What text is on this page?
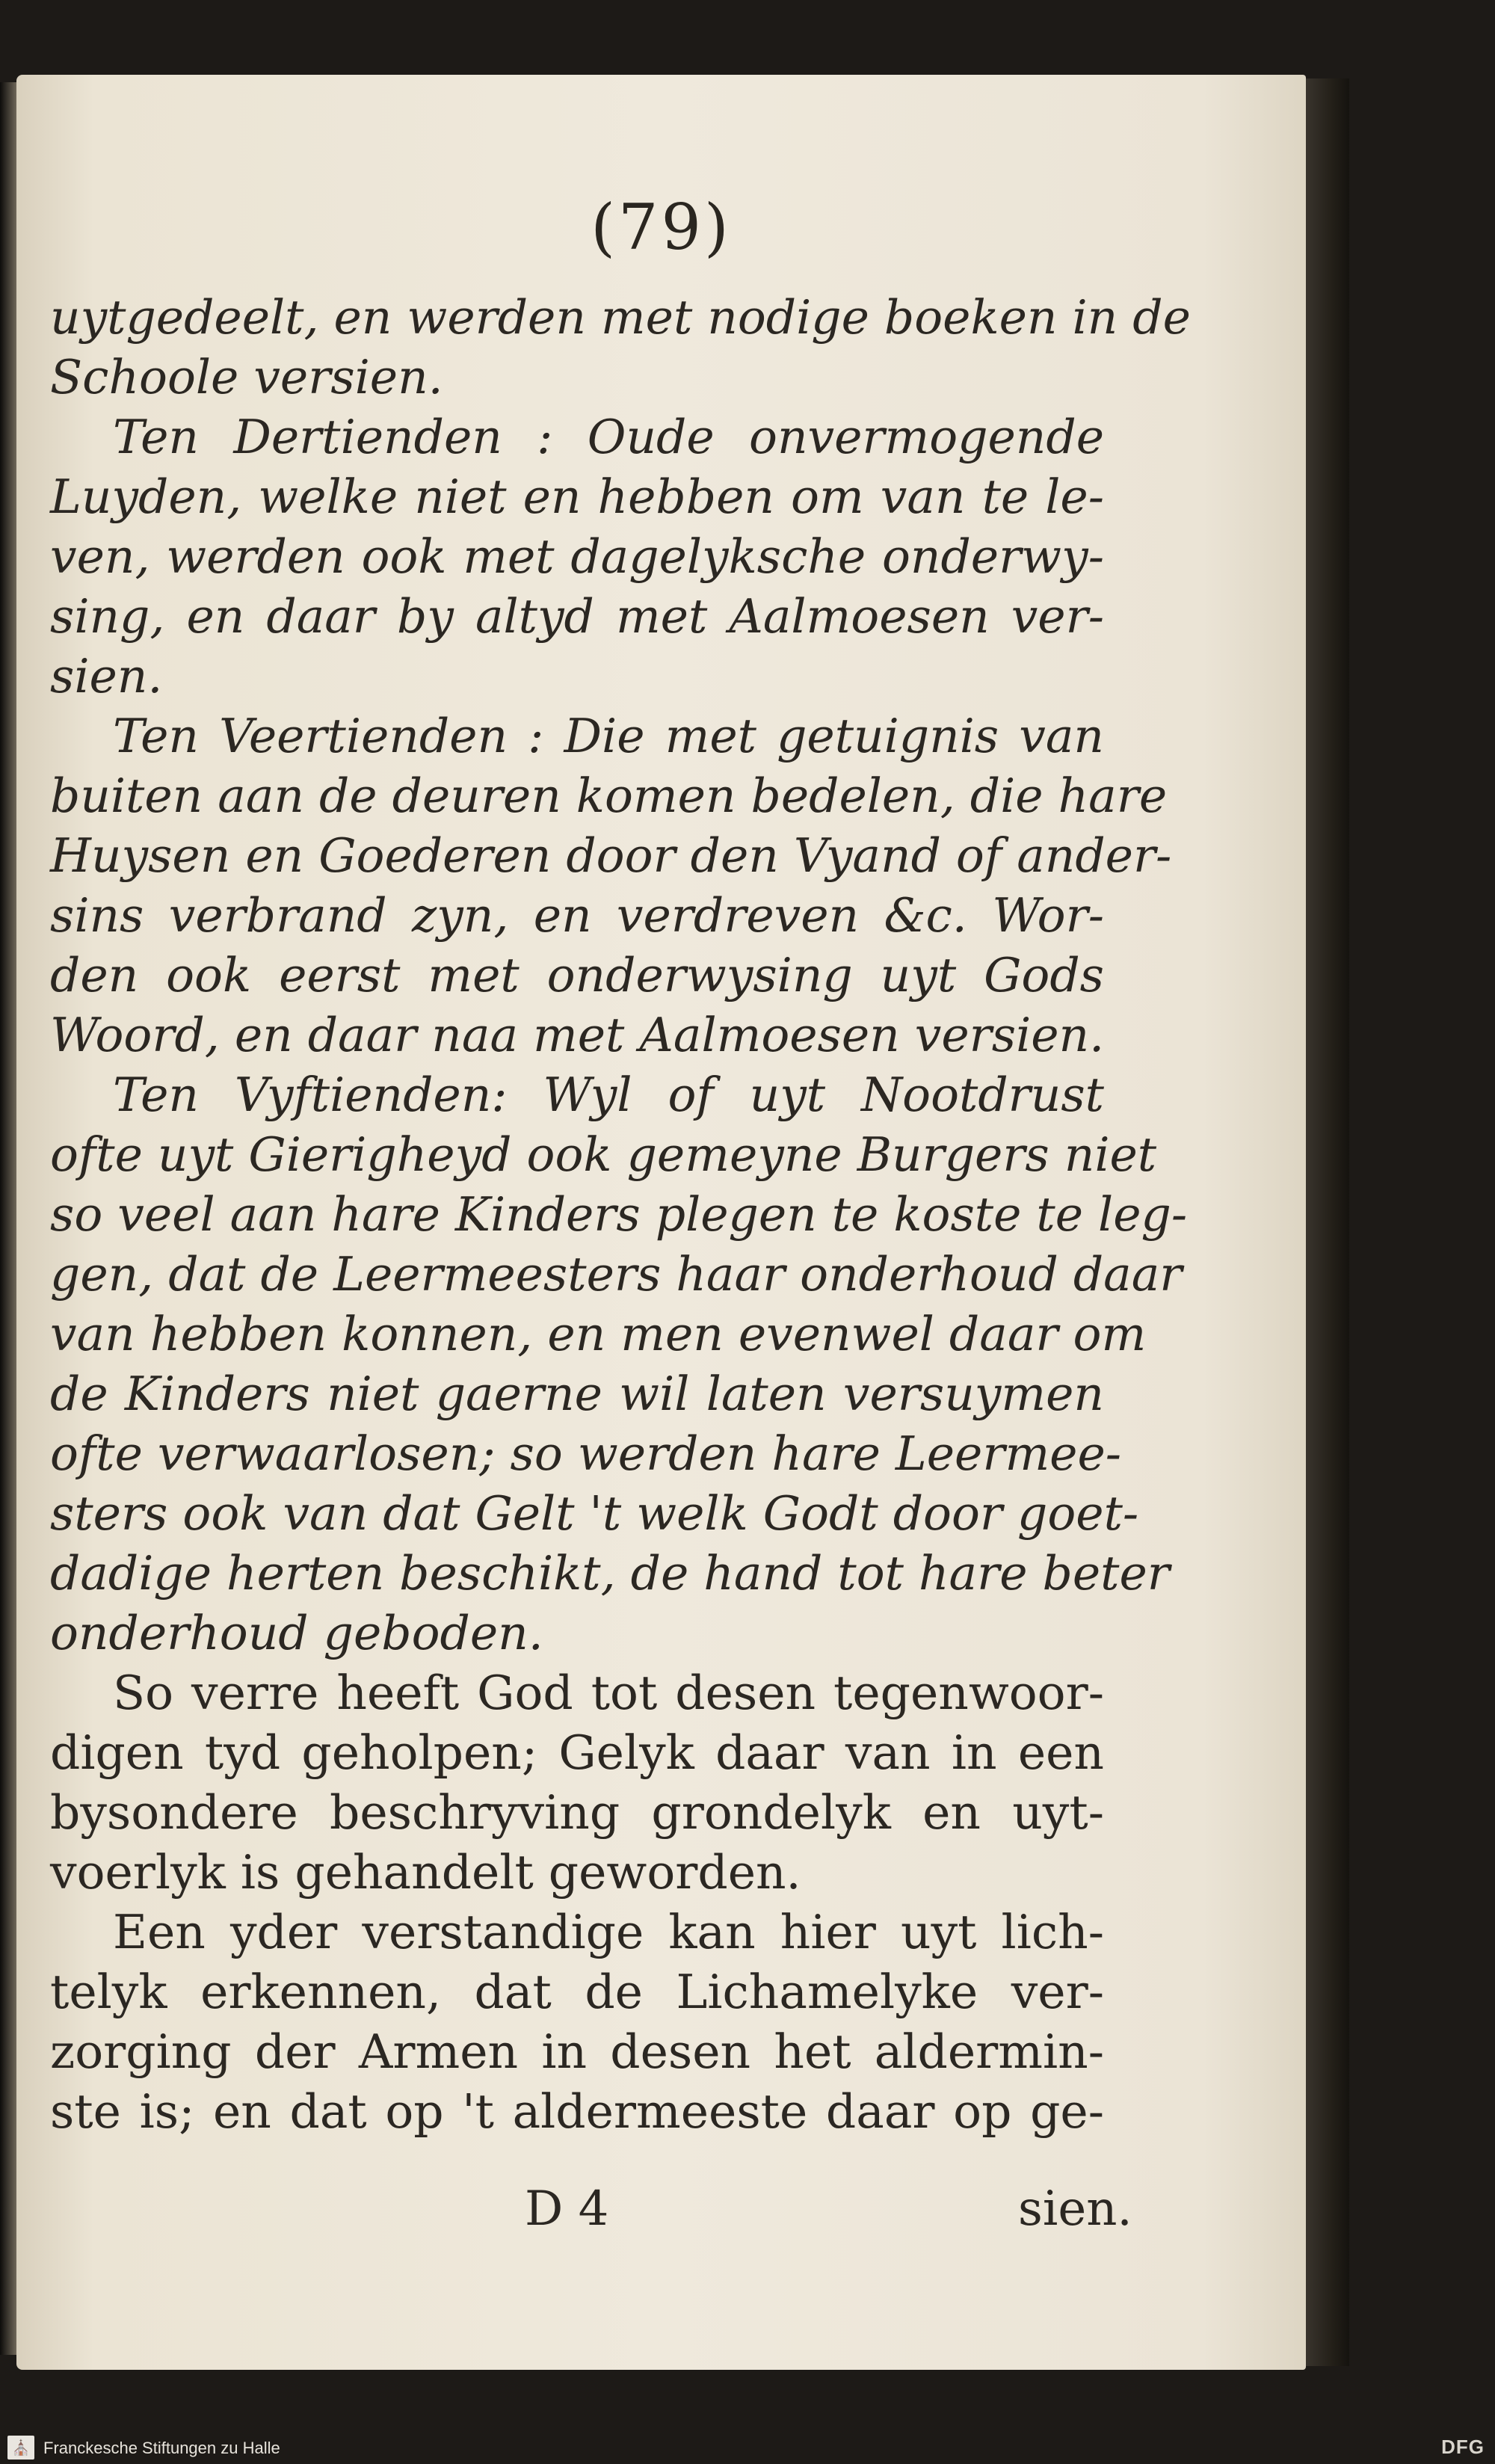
(79)
uytgedeelt, en werden met nodige boeken in de
Schoole versien.
Ten Dertienden : Oude onvermogende
Luyden, welke niet en hebben om van te le-
ven, werden ook met dagelyksche onderwy-
sing, en daar by altyd met Aalmoesen ver-
sien.
Ten Veertienden : Die met getuignis van
buiten aan de deuren komen bedelen, die hare
Huysen en Goederen door den Vyand of ander-
sins verbrand zyn, en verdreven &c. Wor-
den ook eerst met onderwysing uyt Gods
Woord, en daar naa met Aalmoesen versien.
Ten Vyftienden: Wyl of uyt Nootdrust
ofte uyt Gierigheyd ook gemeyne Burgers niet
so veel aan hare Kinders plegen te koste te leg-
gen, dat de Leermeesters haar onderhoud daar
van hebben konnen, en men evenwel daar om
de Kinders niet gaerne wil laten versuymen
ofte verwaarlosen; so werden hare Leermee-
sters ook van dat Gelt 't welk Godt door goet-
dadige herten beschikt, de hand tot hare beter
onderhoud geboden.
So verre heeft God tot desen tegenwoor-
digen tyd geholpen; Gelyk daar van in een
bysondere beschryving grondelyk en uyt-
voerlyk is gehandelt geworden.
Een yder verstandige kan hier uyt lich-
telyk erkennen, dat de Lichamelyke ver-
zorging der Armen in desen het aldermin-
ste is; en dat op 't aldermeeste daar op ge-
D 4	sien.
⛪ Franckesche Stiftungen zu Halle	DFG
